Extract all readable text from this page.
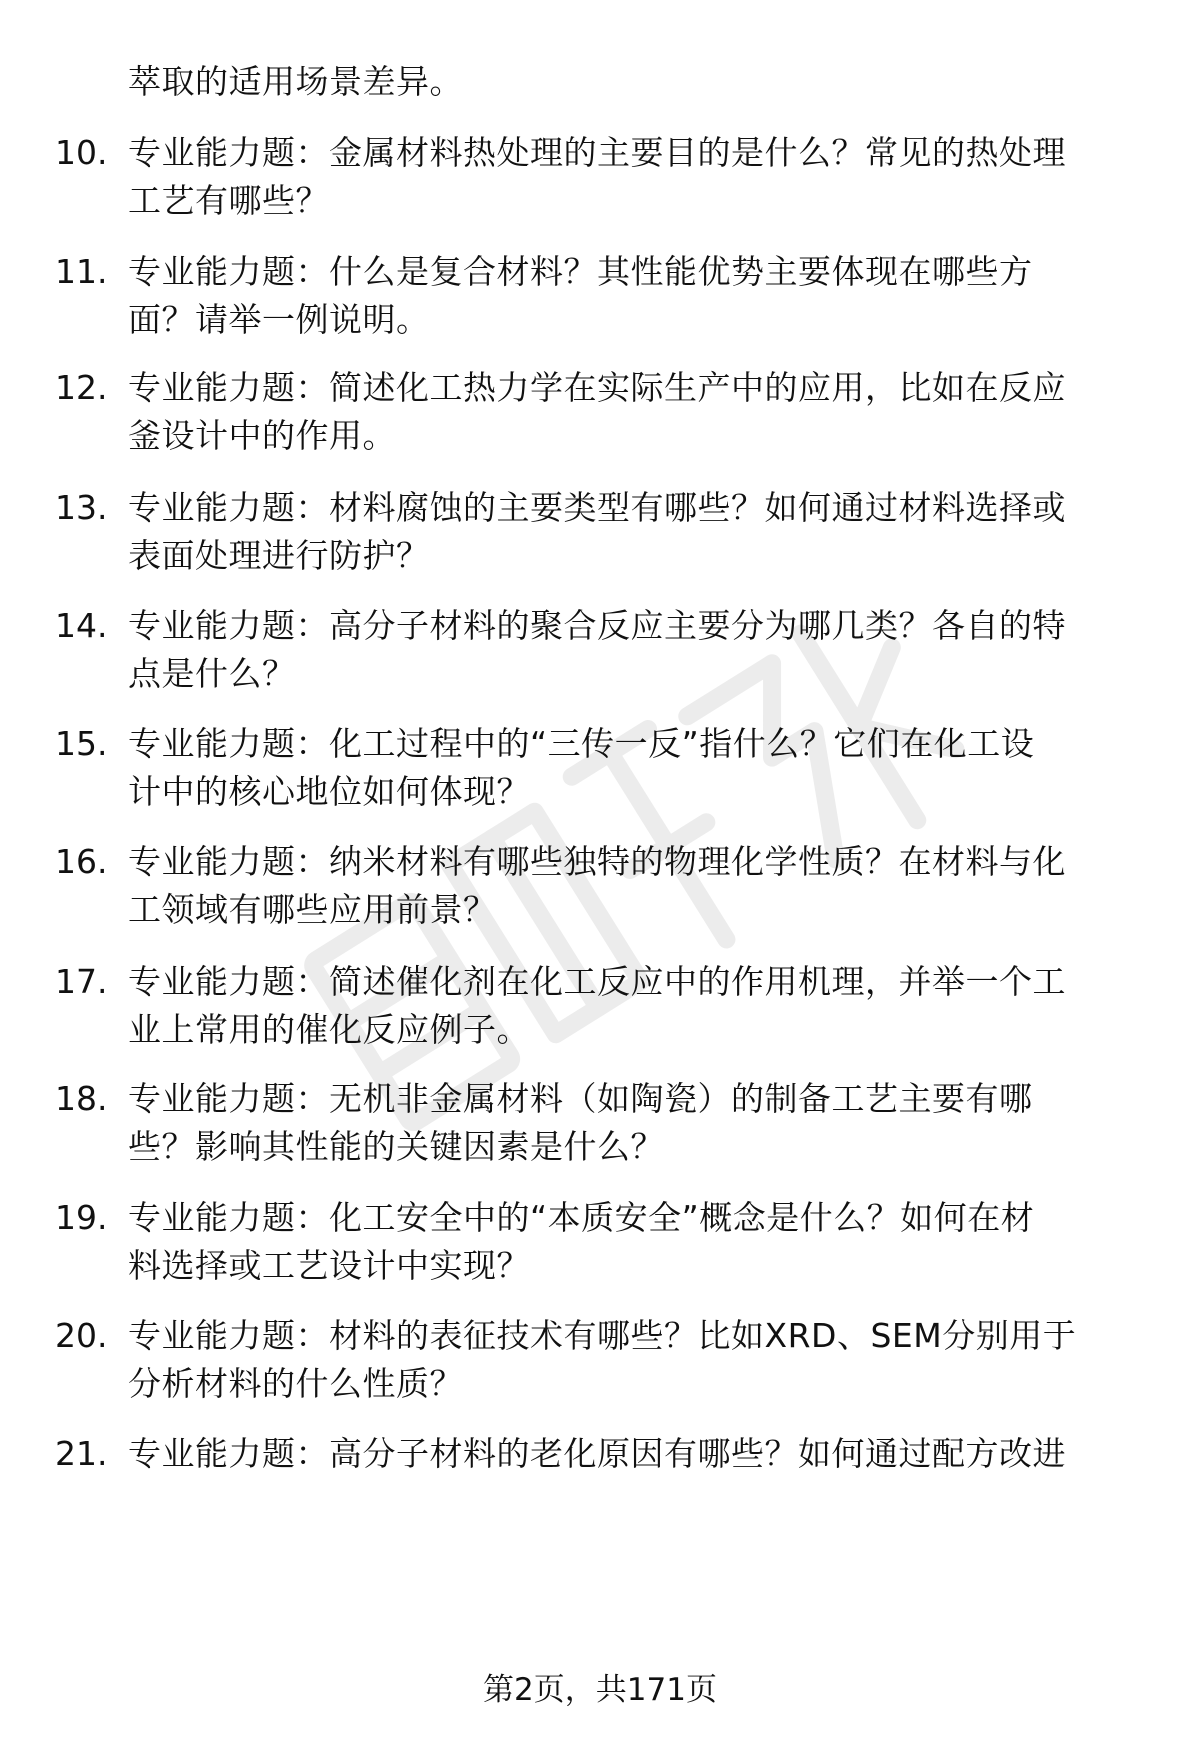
萃取的适用场景差异。
10. 专业能力题：金属材料热处理的主要目的是什么？常见的热处理
工艺有哪些？
11. 专业能力题：什么是复合材料？其性能优势主要体现在哪些方
面？请举一例说明。
12. 专业能力题：简述化工热力学在实际生产中的应用，比如在反应
釜设计中的作用。
13. 专业能力题：材料腐蚀的主要类型有哪些？如何通过材料选择或
表面处理进行防护？
14. 专业能力题：高分子材料的聚合反应主要分为哪几类？各自的特
点是什么？
15. 专业能力题：化工过程中的“三传一反”指什么？它们在化工设
计中的核心地位如何体现？
16. 专业能力题：纳米材料有哪些独特的物理化学性质？在材料与化
工领域有哪些应用前景？
17. 专业能力题：简述催化剂在化工反应中的作用机理，并举一个工
业上常用的催化反应例子。
18. 专业能力题：无机非金属材料（如陶瓷）的制备工艺主要有哪
些？影响其性能的关键因素是什么？
19. 专业能力题：化工安全中的“本质安全”概念是什么？如何在材
料选择或工艺设计中实现？
20. 专业能力题：材料的表征技术有哪些？比如XRD、SEM分别用于
分析材料的什么性质？
21. 专业能力题：高分子材料的老化原因有哪些？如何通过配方改进
第2页，共171页
